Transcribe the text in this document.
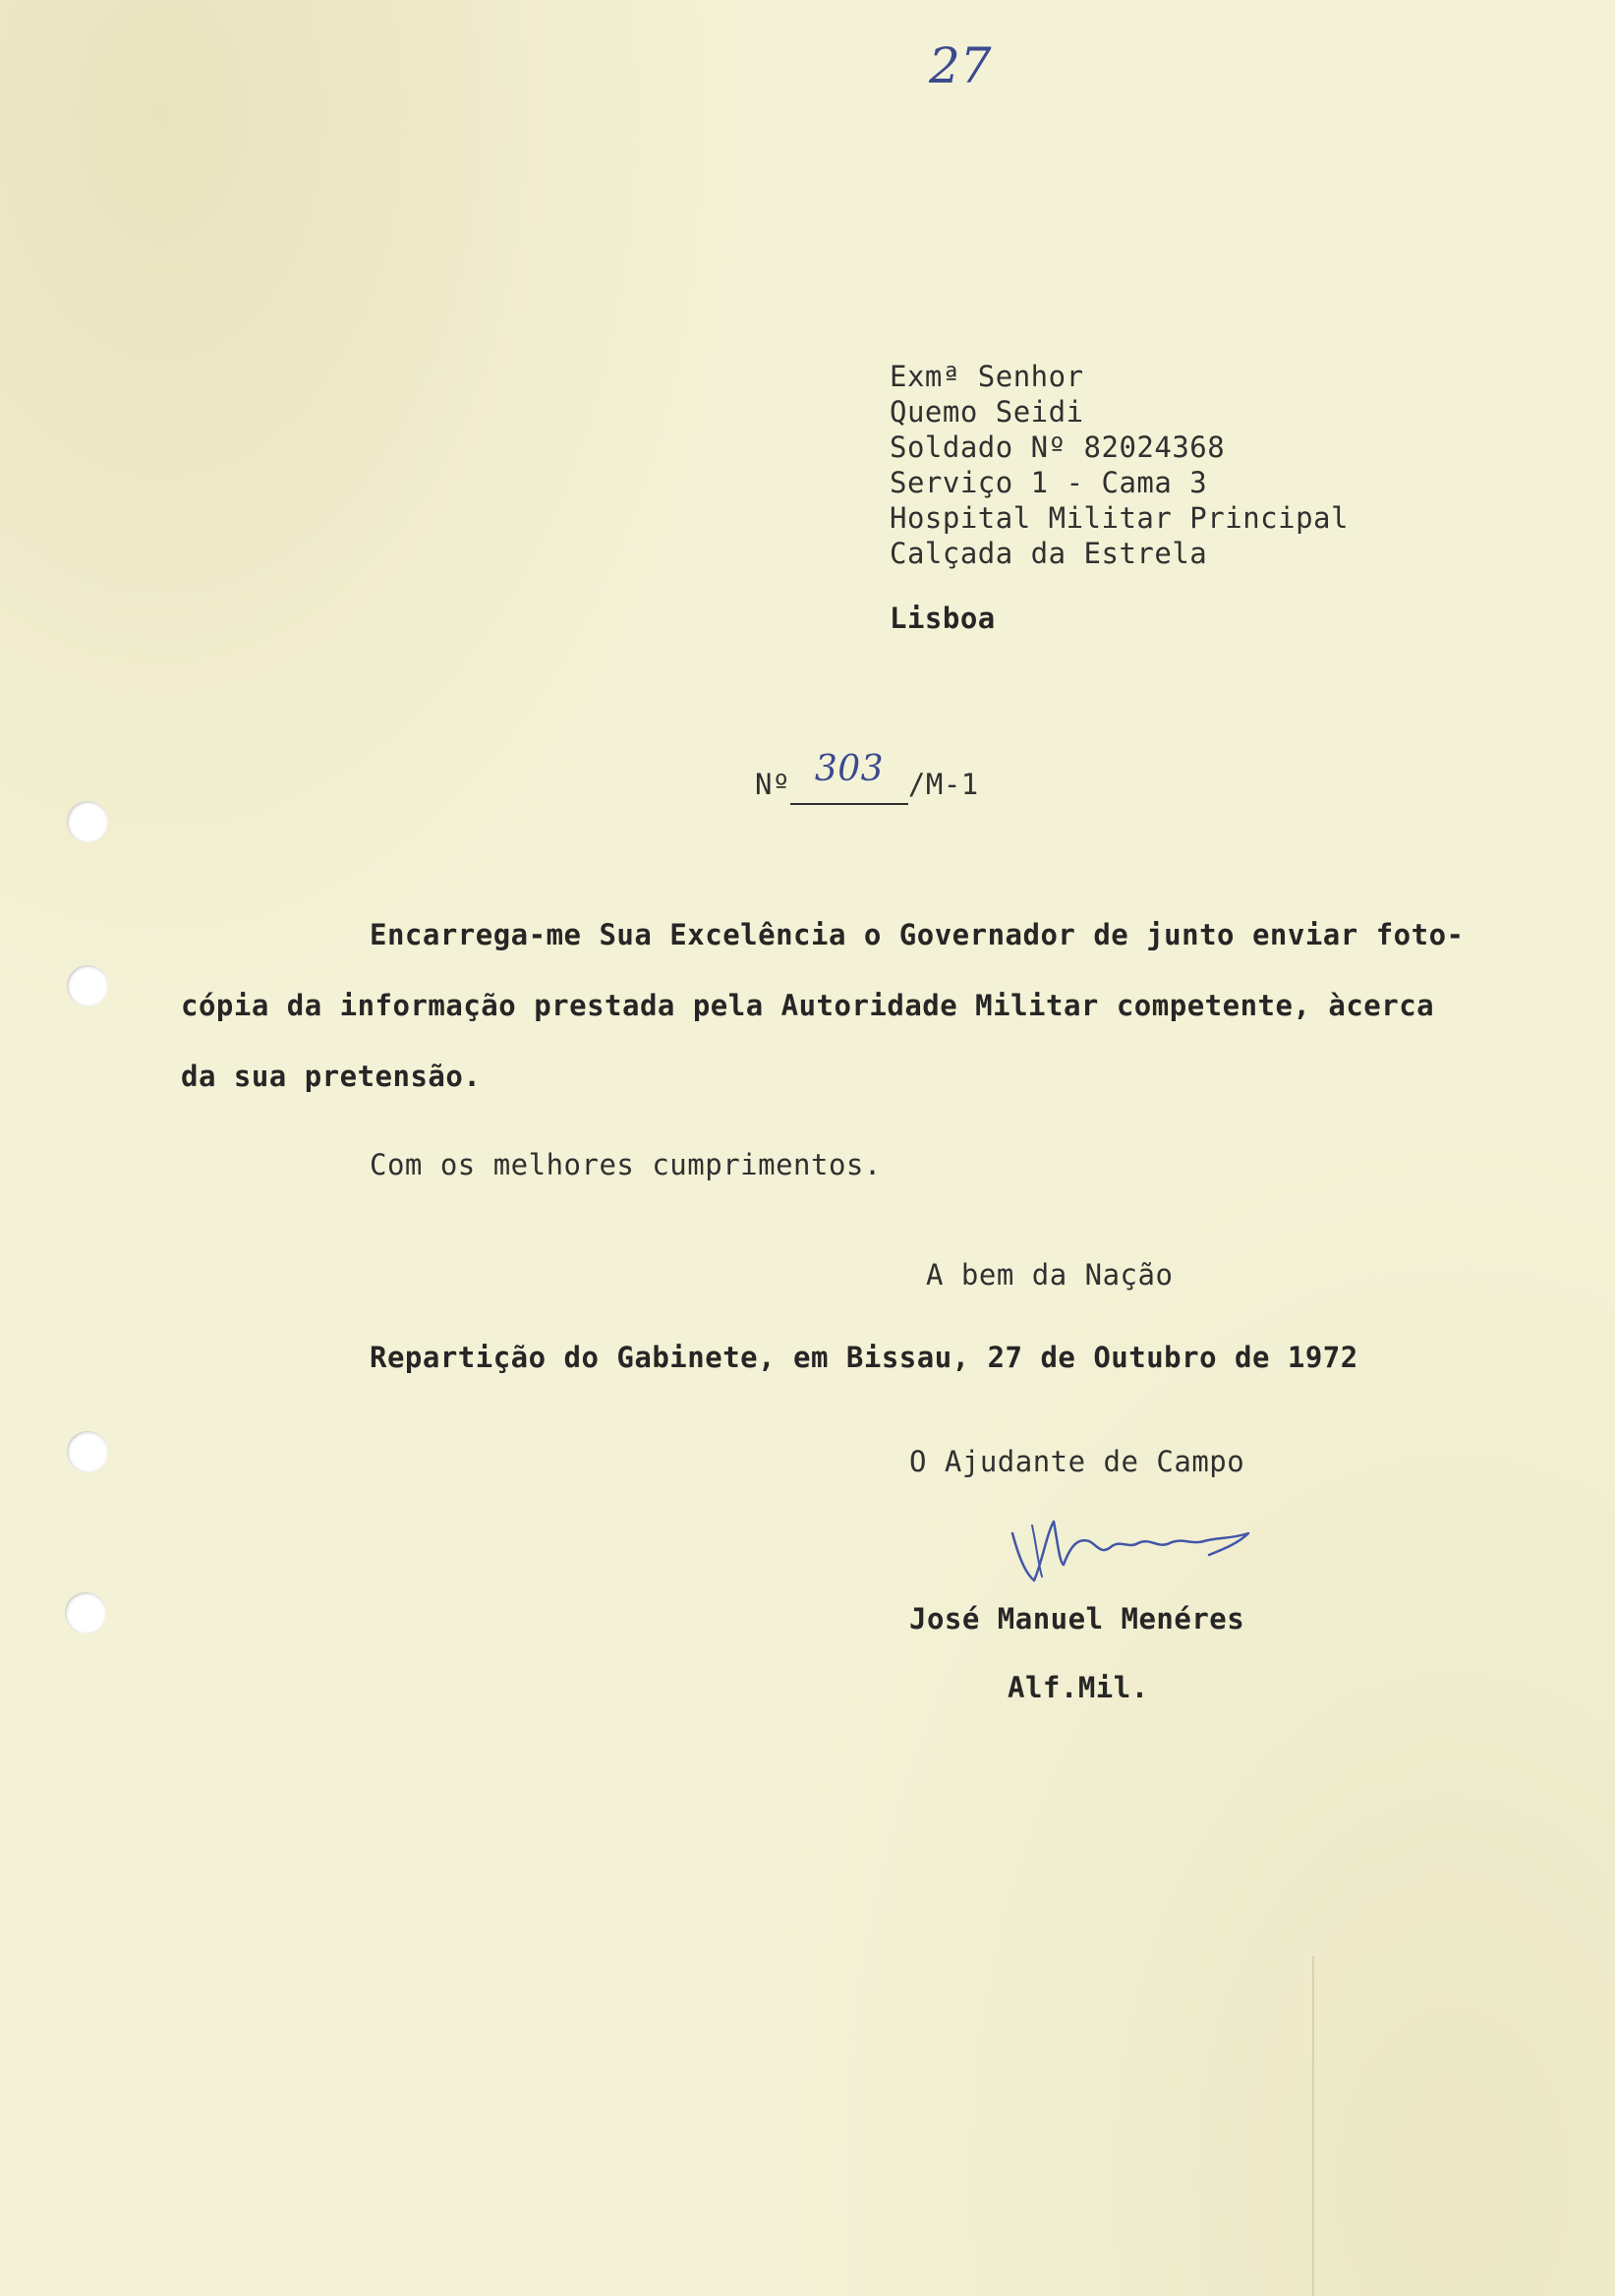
27
Exmª Senhor
Quemo Seidi
Soldado Nº 82024368
Serviço 1 - Cama 3
Hospital Militar Principal
Calçada da Estrela
Lisboa
Nº 303 /M-1
Encarrega-me Sua Excelência o Governador de junto enviar foto-
cópia da informação prestada pela Autoridade Militar competente, àcerca
da sua pretensão.
Com os melhores cumprimentos.
A bem da Nação
Repartição do Gabinete, em Bissau, 27 de Outubro de 1972
O Ajudante de Campo
José Manuel Menéres
Alf.Mil.
